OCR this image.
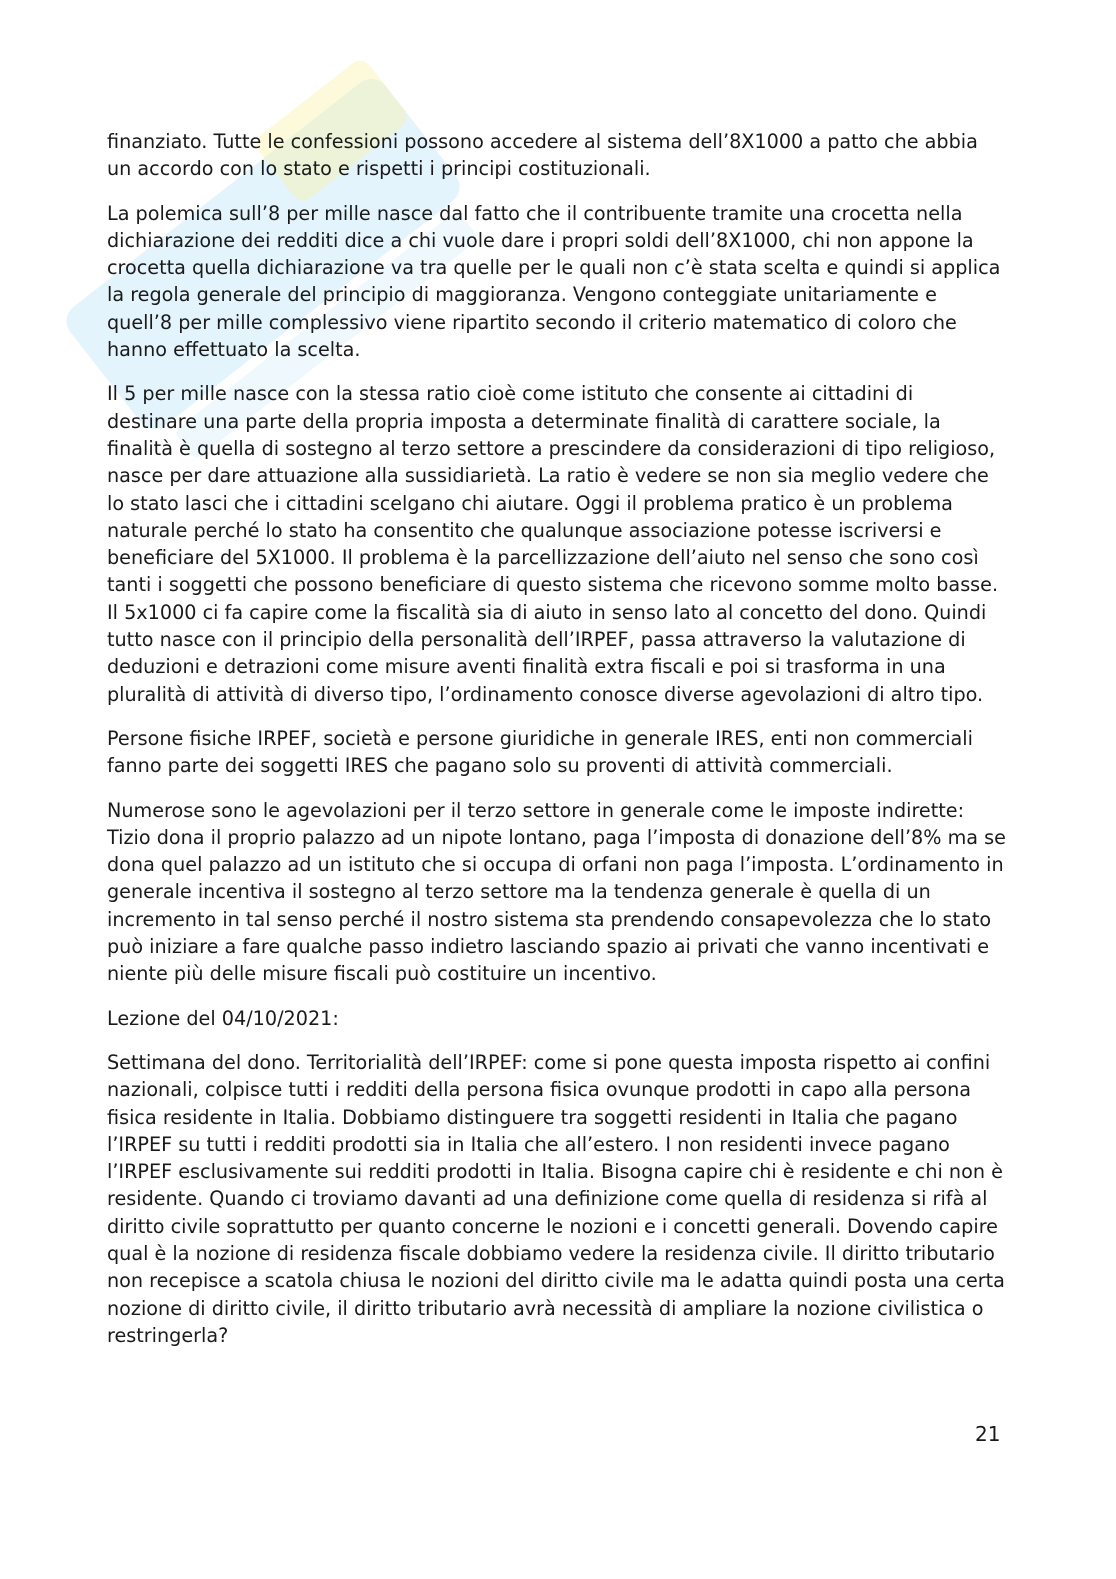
finanziato. Tutte le confessioni possono accedere al sistema dell’8X1000 a patto che abbia un accordo con lo stato e rispetti i principi costituzionali.

La polemica sull’8 per mille nasce dal fatto che il contribuente tramite una crocetta nella dichiarazione dei redditi dice a chi vuole dare i propri soldi dell’8X1000, chi non appone la crocetta quella dichiarazione va tra quelle per le quali non c’è stata scelta e quindi si applica la regola generale del principio di maggioranza. Vengono conteggiate unitariamente e quell’8 per mille complessivo viene ripartito secondo il criterio matematico di coloro che hanno effettuato la scelta.

Il 5 per mille nasce con la stessa ratio cioè come istituto che consente ai cittadini di destinare una parte della propria imposta a determinate finalità di carattere sociale, la finalità è quella di sostegno al terzo settore a prescindere da considerazioni di tipo religioso, nasce per dare attuazione alla sussidiarietà. La ratio è vedere se non sia meglio vedere che lo stato lasci che i cittadini scelgano chi aiutare. Oggi il problema pratico è un problema naturale perché lo stato ha consentito che qualunque associazione potesse iscriversi e beneficiare del 5X1000. Il problema è la parcellizzazione dell’aiuto nel senso che sono così tanti i soggetti che possono beneficiare di questo sistema che ricevono somme molto basse. Il 5x1000 ci fa capire come la fiscalità sia di aiuto in senso lato al concetto del dono. Quindi tutto nasce con il principio della personalità dell’IRPEF, passa attraverso la valutazione di deduzioni e detrazioni come misure aventi finalità extra fiscali e poi si trasforma in una pluralità di attività di diverso tipo, l’ordinamento conosce diverse agevolazioni di altro tipo.

Persone fisiche IRPEF, società e persone giuridiche in generale IRES, enti non commerciali fanno parte dei soggetti IRES che pagano solo su proventi di attività commerciali.

Numerose sono le agevolazioni per il terzo settore in generale come le imposte indirette: Tizio dona il proprio palazzo ad un nipote lontano, paga l’imposta di donazione dell’8% ma se dona quel palazzo ad un istituto che si occupa di orfani non paga l’imposta. L’ordinamento in generale incentiva il sostegno al terzo settore ma la tendenza generale è quella di un incremento in tal senso perché il nostro sistema sta prendendo consapevolezza che lo stato può iniziare a fare qualche passo indietro lasciando spazio ai privati che vanno incentivati e niente più delle misure fiscali può costituire un incentivo.

Lezione del 04/10/2021:

Settimana del dono. Territorialità dell’IRPEF: come si pone questa imposta rispetto ai confini nazionali, colpisce tutti i redditi della persona fisica ovunque prodotti in capo alla persona fisica residente in Italia. Dobbiamo distinguere tra soggetti residenti in Italia che pagano l’IRPEF su tutti i redditi prodotti sia in Italia che all’estero. I non residenti invece pagano l’IRPEF esclusivamente sui redditi prodotti in Italia. Bisogna capire chi è residente e chi non è residente. Quando ci troviamo davanti ad una definizione come quella di residenza si rifà al diritto civile soprattutto per quanto concerne le nozioni e i concetti generali. Dovendo capire qual è la nozione di residenza fiscale dobbiamo vedere la residenza civile. Il diritto tributario non recepisce a scatola chiusa le nozioni del diritto civile ma le adatta quindi posta una certa nozione di diritto civile, il diritto tributario avrà necessità di ampliare la nozione civilistica o restringerla?

21
